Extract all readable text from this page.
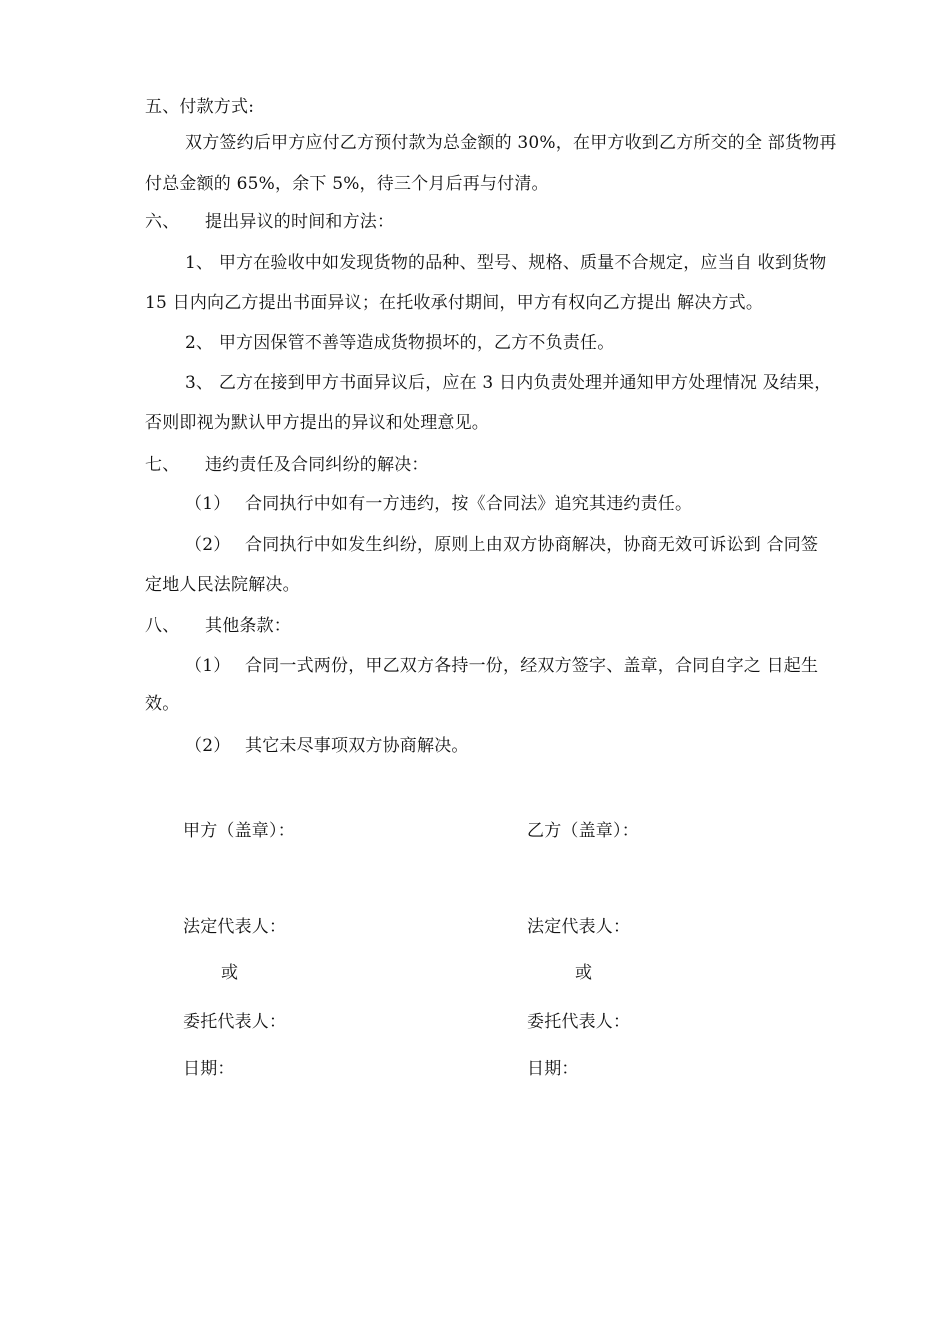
五、付款方式:
双方签约后甲方应付乙方预付款为总金额的 30%，在甲方收到乙方所交的全 部货物再
付总金额的 65%，余下 5%，待三个月后再与付清。
六、 提出异议的时间和方法：
1、 甲方在验收中如发现货物的品种、型号、规格、质量不合规定，应当自 收到货物
15 日内向乙方提出书面异议；在托收承付期间，甲方有权向乙方提出 解决方式。
2、 甲方因保管不善等造成货物损坏的，乙方不负责任。
3、 乙方在接到甲方书面异议后，应在 3 日内负责处理并通知甲方处理情况 及结果，
否则即视为默认甲方提出的异议和处理意见。
七、 违约责任及合同纠纷的解决：
（1） 合同执行中如有一方违约，按《合同法》追究其违约责任。
（2） 合同执行中如发生纠纷，原则上由双方协商解决，协商无效可诉讼到 合同签
定地人民法院解决。
八、 其他条款：
（1） 合同一式两份，甲乙双方各持一份，经双方签字、盖章，合同自字之 日起生
效。
（2） 其它未尽事项双方协商解决。
甲方（盖章）：
法定代表人：
或
委托代表人：
日期：
乙方（盖章）：
法定代表人：
或
委托代表人：
日期：
